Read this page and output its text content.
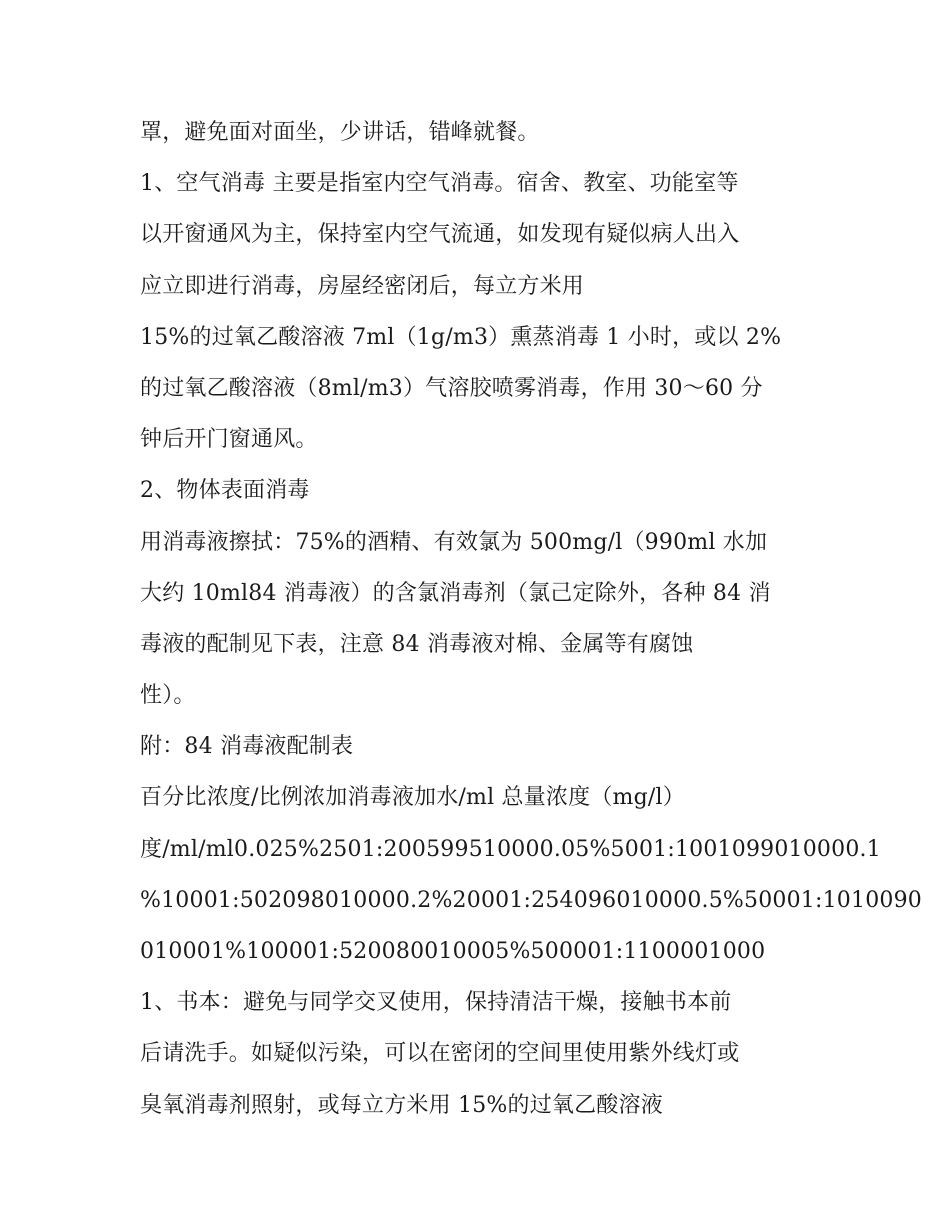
罩，避免面对面坐，少讲话，错峰就餐。

1、空气消毒 主要是指室内空气消毒。宿舍、教室、功能室等

以开窗通风为主，保持室内空气流通，如发现有疑似病人出入

应立即进行消毒，房屋经密闭后，每立方米用

15%的过氧乙酸溶液 7ml（1g/m3）熏蒸消毒 1 小时，或以 2%

的过氧乙酸溶液（8ml/m3）气溶胶喷雾消毒，作用 30～60 分

钟后开门窗通风。

2、物体表面消毒

用消毒液擦拭：75%的酒精、有效氯为 500mg/l（990ml 水加

大约 10ml84 消毒液）的含氯消毒剂（氯己定除外，各种 84 消

毒液的配制见下表，注意 84 消毒液对棉、金属等有腐蚀

性）。

附：84 消毒液配制表

百分比浓度/比例浓加消毒液加水/ml 总量浓度（mg/l）

度/ml/ml0.025%2501:200599510000.05%5001:1001099010000.1

%10001:502098010000.2%20001:254096010000.5%50001:1010090

010001%100001:520080010005%500001:1100001000

1、书本：避免与同学交叉使用，保持清洁干燥，接触书本前

后请洗手。如疑似污染，可以在密闭的空间里使用紫外线灯或

臭氧消毒剂照射，或每立方米用 15%的过氧乙酸溶液
